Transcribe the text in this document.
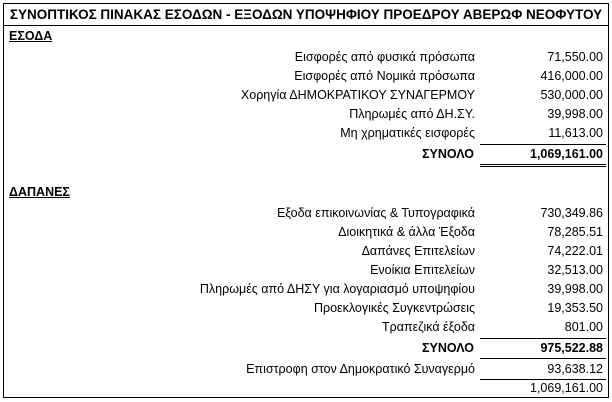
ΣΥΝΟΠΤΙΚΟΣ ΠΙΝΑΚΑΣ ΕΣΟΔΩΝ - ΕΞΟΔΩΝ ΥΠΟΨΗΦΙΟΥ ΠΡΟΕΔΡΟΥ ΑΒΕΡΩΦ ΝΕΟΦΥΤΟΥ
ΕΣΟΔΑ
Εισφορές από φυσικά πρόσωπα	71,550.00
Εισφορές από Νομικά πρόσωπα	416,000.00
Χορηγία ΔΗΜΟΚΡΑΤΙΚΟΥ ΣΥΝΑΓΕΡΜΟΥ	530,000.00
Πληρωμές από ΔΗ.ΣΥ.	39,998.00
Μη χρηματικές εισφορές	11,613.00
ΣΥΝΟΛΟ	1,069,161.00
ΔΑΠΑΝΕΣ
Εξοδα επικοινωνίας & Τυπογραφικά	730,349.86
Διοικητικά & άλλα Έξοδα	78,285.51
Δαπάνες Επιτελείων	74,222.01
Ενοίκια Επιτελείων	32,513.00
Πληρωμές από ΔΗΣΥ για λογαριασμό υποψηφίου	39,998.00
Προεκλογικές Συγκεντρώσεις	19,353.50
Τραπεζικά έξοδα	801.00
ΣΥΝΟΛΟ	975,522.88
Επιστροφη στον Δημοκρατικό Συναγερμό	93,638.12
1,069,161.00
